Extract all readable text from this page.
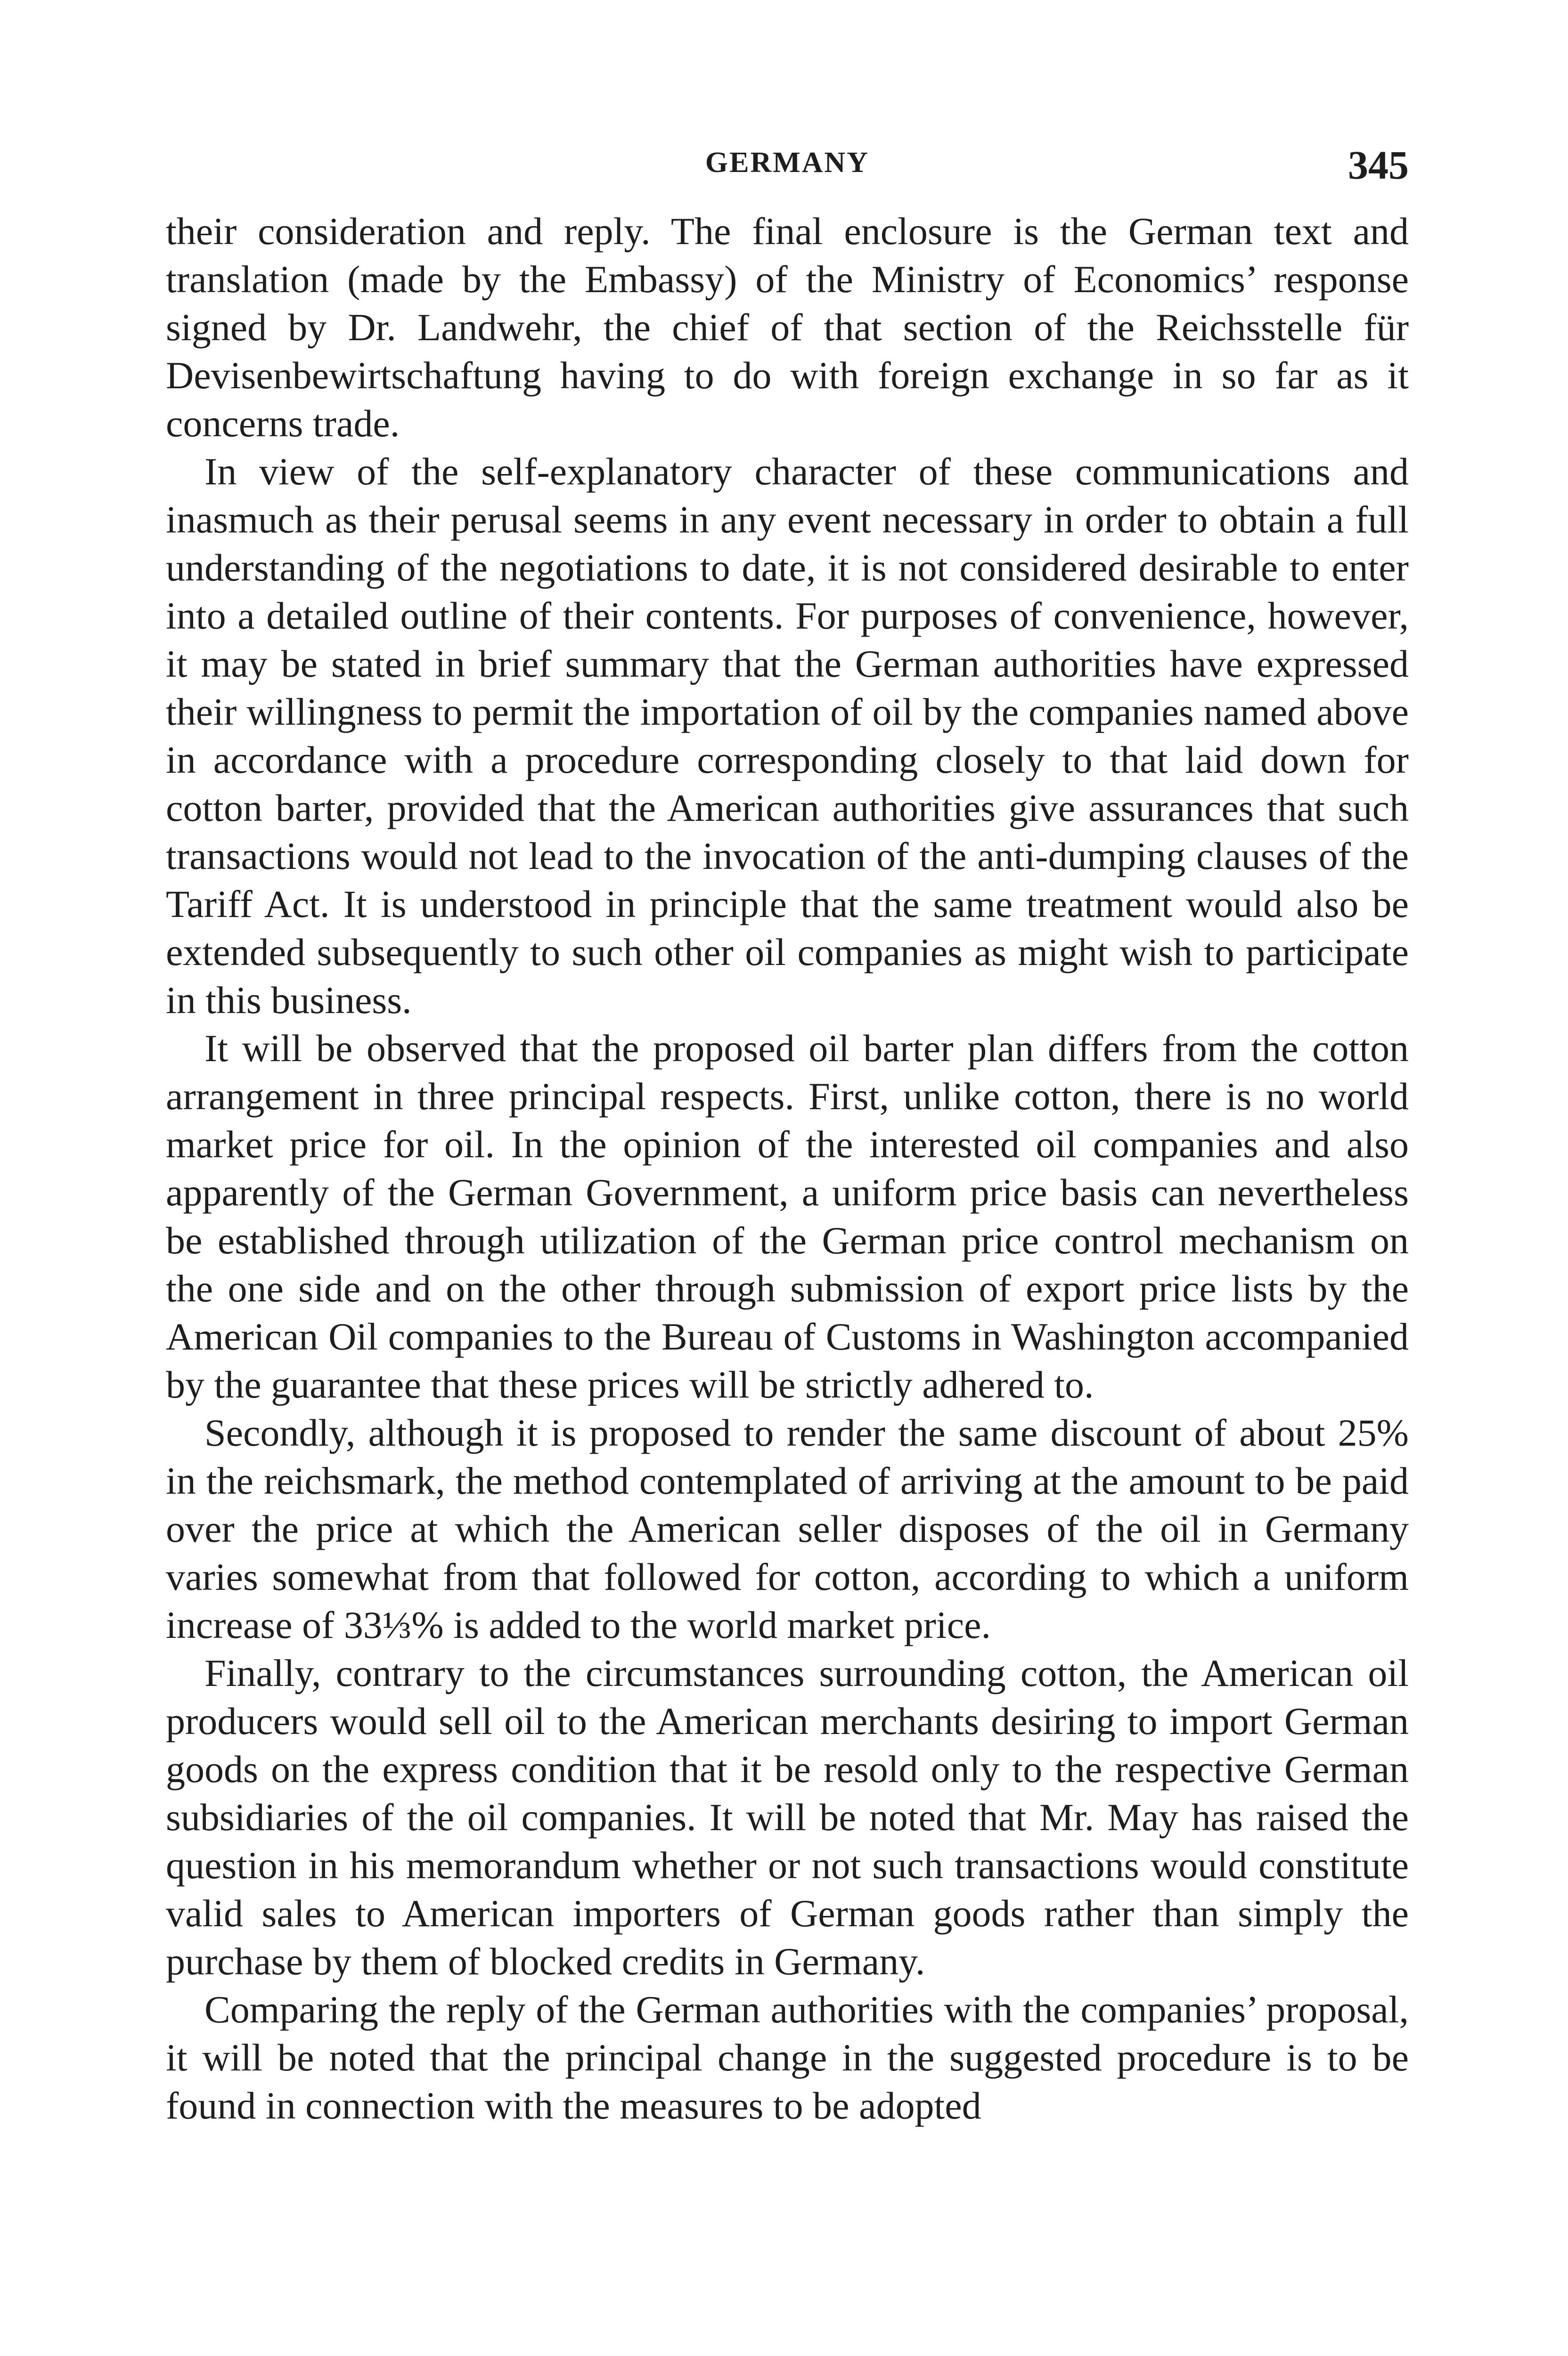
GERMANY	345

their consideration and reply. The final enclosure is the German text and translation (made by the Embassy) of the Ministry of Economics’ response signed by Dr. Landwehr, the chief of that section of the Reichsstelle für Devisenbewirtschaftung having to do with foreign exchange in so far as it concerns trade.

In view of the self-explanatory character of these communications and inasmuch as their perusal seems in any event necessary in order to obtain a full understanding of the negotiations to date, it is not considered desirable to enter into a detailed outline of their contents. For purposes of convenience, however, it may be stated in brief summary that the German authorities have expressed their willingness to permit the importation of oil by the companies named above in accordance with a procedure corresponding closely to that laid down for cotton barter, provided that the American authorities give assurances that such transactions would not lead to the invocation of the anti-dumping clauses of the Tariff Act. It is understood in principle that the same treatment would also be extended subsequently to such other oil companies as might wish to participate in this business.

It will be observed that the proposed oil barter plan differs from the cotton arrangement in three principal respects. First, unlike cotton, there is no world market price for oil. In the opinion of the interested oil companies and also apparently of the German Government, a uniform price basis can nevertheless be established through utilization of the German price control mechanism on the one side and on the other through submission of export price lists by the American Oil companies to the Bureau of Customs in Washington accompanied by the guarantee that these prices will be strictly adhered to.

Secondly, although it is proposed to render the same discount of about 25% in the reichsmark, the method contemplated of arriving at the amount to be paid over the price at which the American seller disposes of the oil in Germany varies somewhat from that followed for cotton, according to which a uniform increase of 33⅓% is added to the world market price.

Finally, contrary to the circumstances surrounding cotton, the American oil producers would sell oil to the American merchants desiring to import German goods on the express condition that it be resold only to the respective German subsidiaries of the oil companies. It will be noted that Mr. May has raised the question in his memorandum whether or not such transactions would constitute valid sales to American importers of German goods rather than simply the purchase by them of blocked credits in Germany.

Comparing the reply of the German authorities with the companies’ proposal, it will be noted that the principal change in the suggested procedure is to be found in connection with the measures to be adopted
